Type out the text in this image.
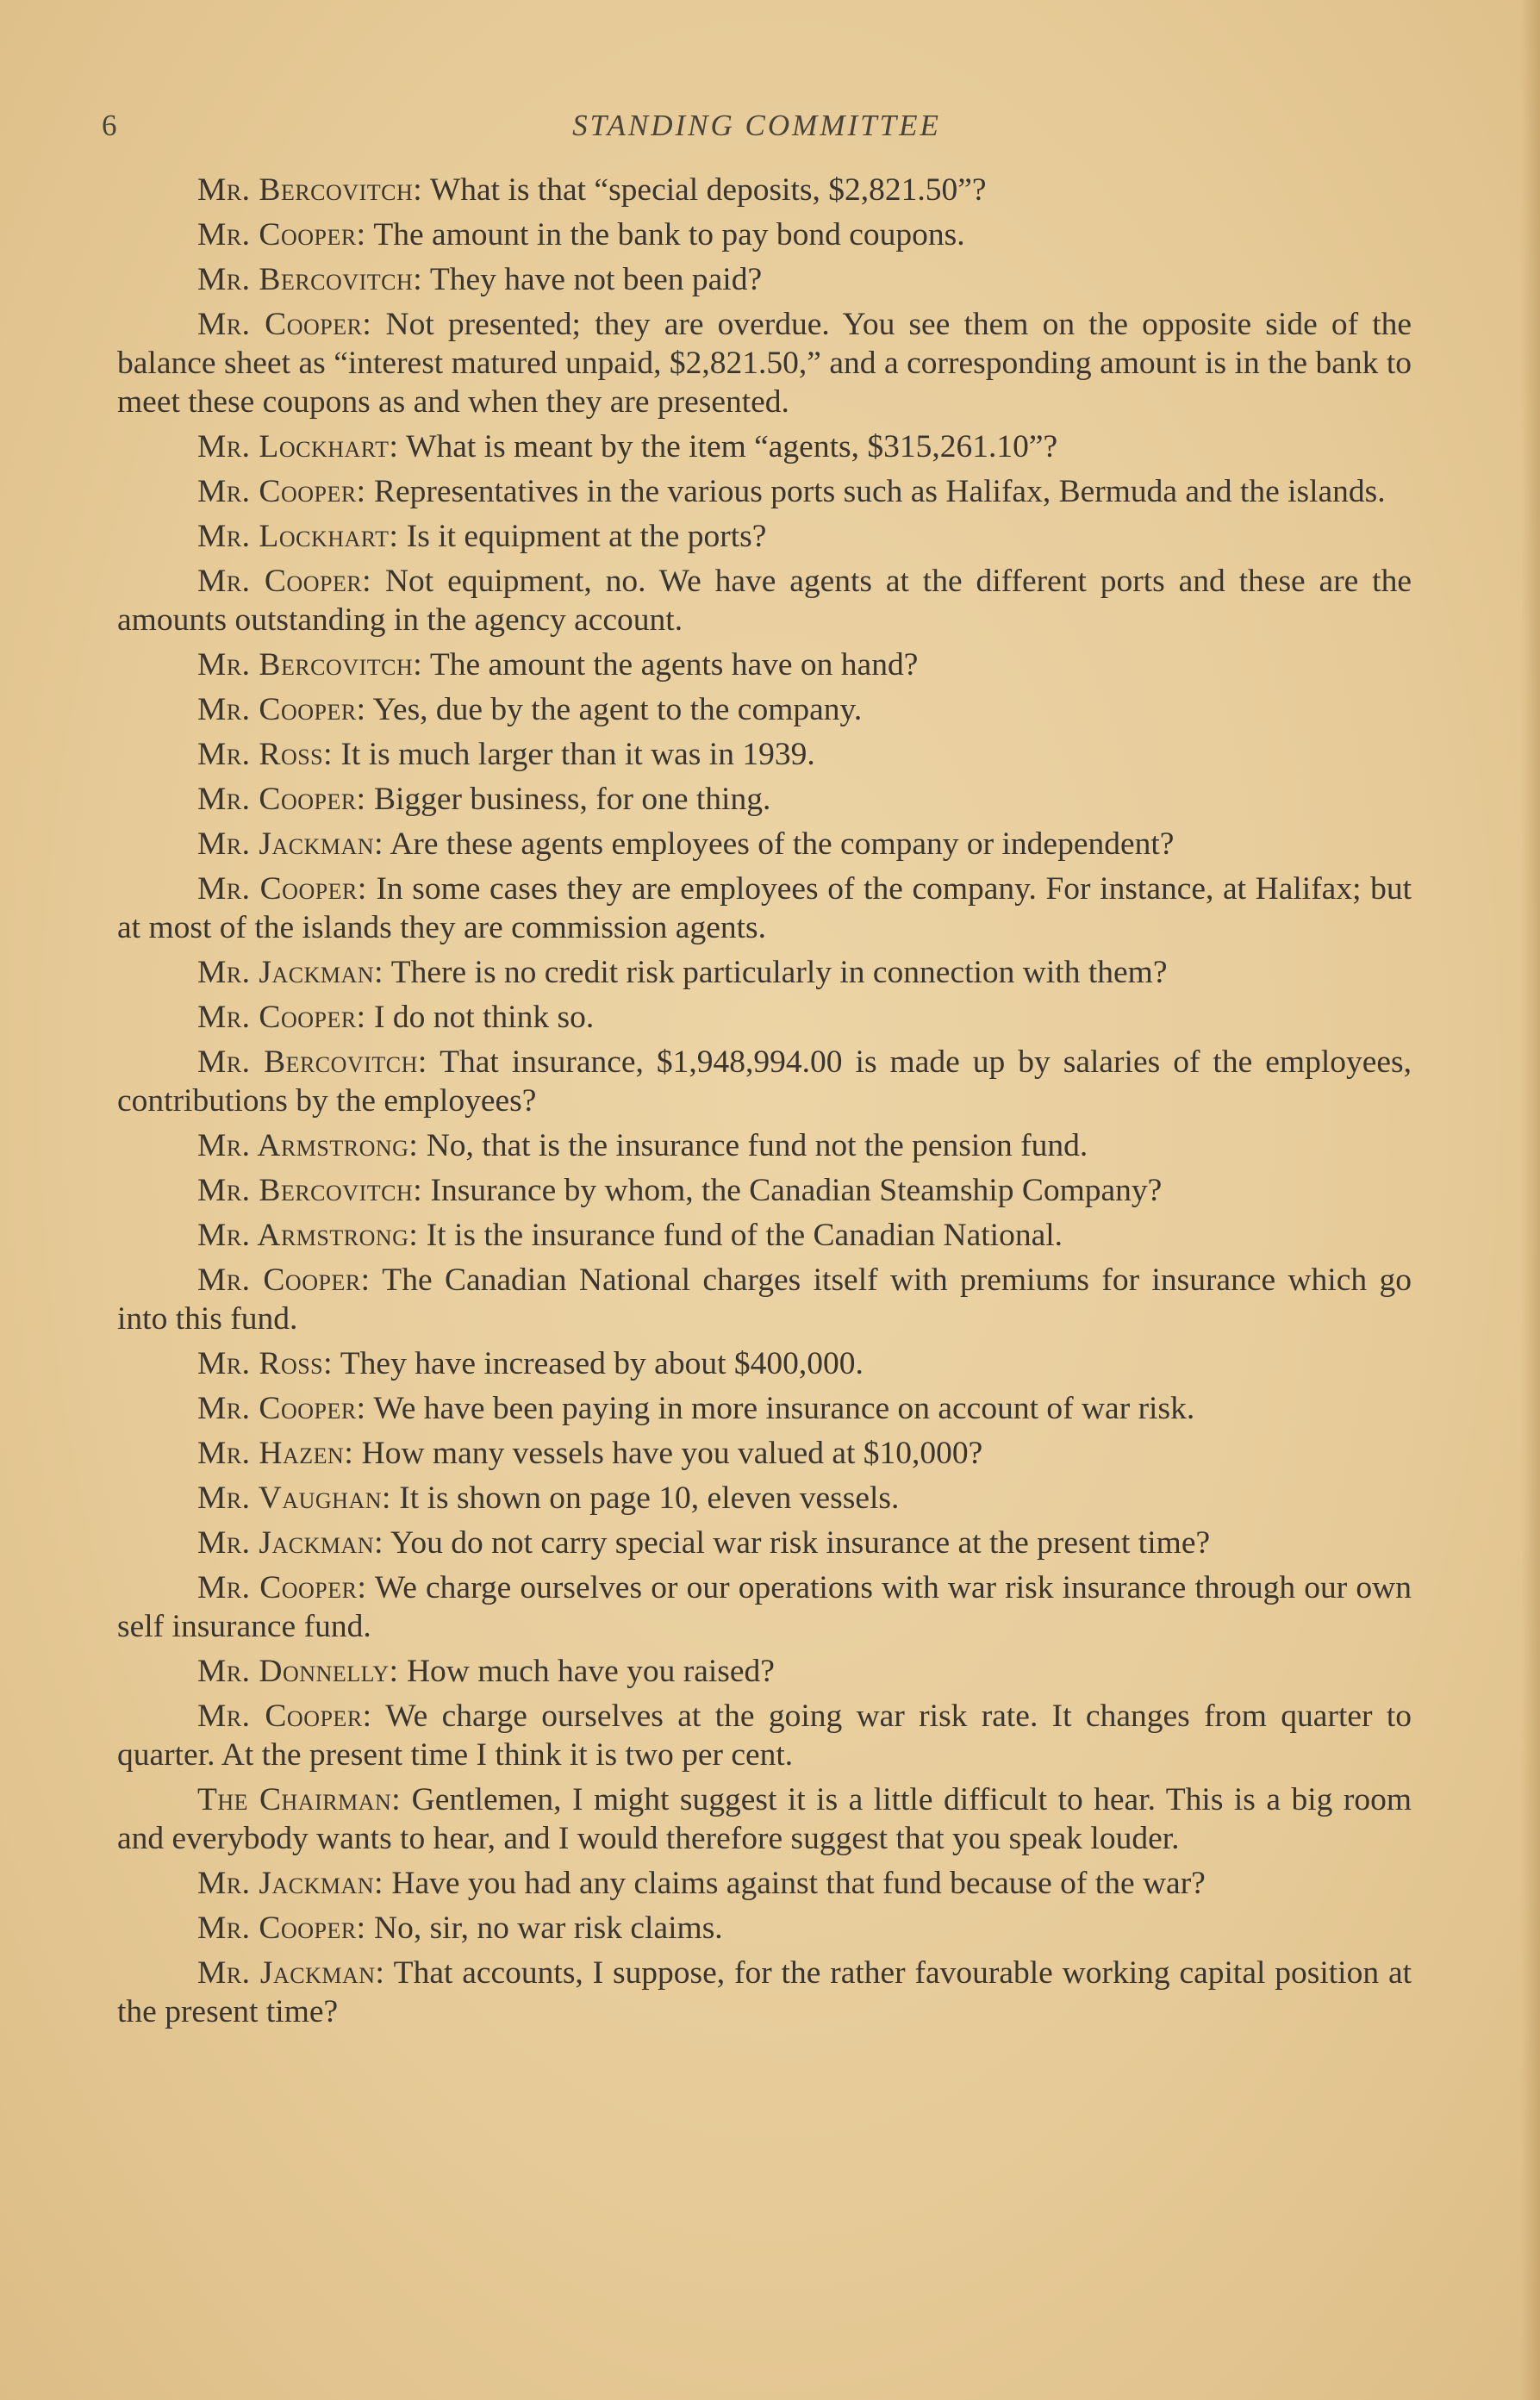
6	STANDING COMMITTEE

Mr. Bercovitch: What is that “special deposits, $2,821.50”?

Mr. Cooper: The amount in the bank to pay bond coupons.

Mr. Bercovitch: They have not been paid?

Mr. Cooper: Not presented; they are overdue. You see them on the opposite side of the balance sheet as “interest matured unpaid, $2,821.50,” and a corresponding amount is in the bank to meet these coupons as and when they are presented.

Mr. Lockhart: What is meant by the item “agents, $315,261.10”?

Mr. Cooper: Representatives in the various ports such as Halifax, Bermuda and the islands.

Mr. Lockhart: Is it equipment at the ports?

Mr. Cooper: Not equipment, no. We have agents at the different ports and these are the amounts outstanding in the agency account.

Mr. Bercovitch: The amount the agents have on hand?

Mr. Cooper: Yes, due by the agent to the company.

Mr. Ross: It is much larger than it was in 1939.

Mr. Cooper: Bigger business, for one thing.

Mr. Jackman: Are these agents employees of the company or independent?

Mr. Cooper: In some cases they are employees of the company. For instance, at Halifax; but at most of the islands they are commission agents.

Mr. Jackman: There is no credit risk particularly in connection with them?

Mr. Cooper: I do not think so.

Mr. Bercovitch: That insurance, $1,948,994.00 is made up by salaries of the employees, contributions by the employees?

Mr. Armstrong: No, that is the insurance fund not the pension fund.

Mr. Bercovitch: Insurance by whom, the Canadian Steamship Company?

Mr. Armstrong: It is the insurance fund of the Canadian National.

Mr. Cooper: The Canadian National charges itself with premiums for insurance which go into this fund.

Mr. Ross: They have increased by about $400,000.

Mr. Cooper: We have been paying in more insurance on account of war risk.

Mr. Hazen: How many vessels have you valued at $10,000?

Mr. Vaughan: It is shown on page 10, eleven vessels.

Mr. Jackman: You do not carry special war risk insurance at the present time?

Mr. Cooper: We charge ourselves or our operations with war risk insurance through our own self insurance fund.

Mr. Donnelly: How much have you raised?

Mr. Cooper: We charge ourselves at the going war risk rate. It changes from quarter to quarter. At the present time I think it is two per cent.

The Chairman: Gentlemen, I might suggest it is a little difficult to hear. This is a big room and everybody wants to hear, and I would therefore suggest that you speak louder.

Mr. Jackman: Have you had any claims against that fund because of the war?

Mr. Cooper: No, sir, no war risk claims.

Mr. Jackman: That accounts, I suppose, for the rather favourable working capital position at the present time?
